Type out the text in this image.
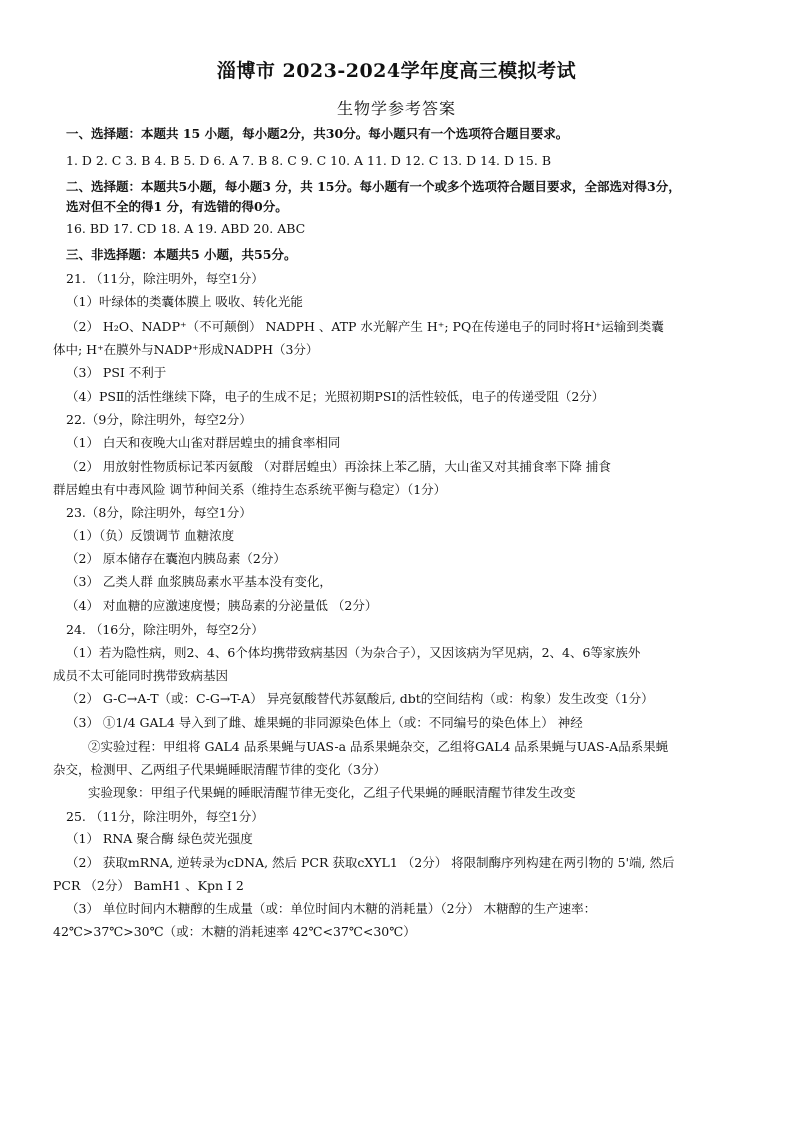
淄博市 2023-2024学年度高三模拟考试
生物学参考答案
一、选择题：本题共 15 小题，每小题2分，共30分。每小题只有一个选项符合题目要求。
1. D 2. C 3. B 4. B 5. D 6. A 7. B 8. C 9. C 10. A 11. D 12. C 13. D 14. D 15. B
二、选择题：本题共5小题，每小题3 分，共 15分。每小题有一个或多个选项符合题目要求，全部选对得3分，
选对但不全的得1 分，有选错的得0分。
16. BD 17. CD 18. A 19. ABD 20. ABC
三、非选择题：本题共5 小题，共55分。
21. （11分，除注明外，每空1分）
（1）叶绿体的类囊体膜上 吸收、转化光能
（2） H₂O、NADP⁺（不可颠倒） NADPH 、ATP 水光解产生 H⁺; PQ在传递电子的同时将H⁺运输到类囊
体中; H⁺在膜外与NADP⁺形成NADPH（3分）
（3） PSI 不利于
（4）PSⅡ的活性继续下降，电子的生成不足；光照初期PSI的活性较低，电子的传递受阻（2分）
22.（9分，除注明外，每空2分）
（1） 白天和夜晚大山雀对群居蝗虫的捕食率相同
（2） 用放射性物质标记苯丙氨酸 （对群居蝗虫）再涂抹上苯乙腈，大山雀又对其捕食率下降 捕食
群居蝗虫有中毒风险 调节种间关系（维持生态系统平衡与稳定）（1分）
23.（8分，除注明外，每空1分）
（1）（负）反馈调节 血糖浓度
（2） 原本储存在囊泡内胰岛素（2分）
（3） 乙类人群 血浆胰岛素水平基本没有变化，
（4） 对血糖的应激速度慢；胰岛素的分泌量低 （2分）
24. （16分，除注明外，每空2分）
（1）若为隐性病，则2、4、6个体均携带致病基因（为杂合子），又因该病为罕见病，2、4、6等家族外
成员不太可能同时携带致病基因
（2） G-C→A-T（或：C-G→T-A） 异亮氨酸替代苏氨酸后, dbt的空间结构（或：构象）发生改变（1分）
（3） ①1/4 GAL4 导入到了雌、雄果蝇的非同源染色体上（或：不同编号的染色体上） 神经
②实验过程：甲组将 GAL4 品系果蝇与UAS-a 品系果蝇杂交，乙组将GAL4 品系果蝇与UAS-A品系果蝇
杂交，检测甲、乙两组子代果蝇睡眠清醒节律的变化（3分）
实验现象：甲组子代果蝇的睡眠清醒节律无变化，乙组子代果蝇的睡眠清醒节律发生改变
25. （11分，除注明外，每空1分）
（1） RNA 聚合酶 绿色荧光强度
（2） 获取mRNA, 逆转录为cDNA, 然后 PCR 获取cXYL1 （2分） 将限制酶序列构建在两引物的 5'端, 然后
PCR （2分） BamH1 、Kpn I 2
（3） 单位时间内木糖醇的生成量（或：单位时间内木糖的消耗量）（2分） 木糖醇的生产速率：
42℃>37℃>30℃（或：木糖的消耗速率 42℃<37℃<30℃）
